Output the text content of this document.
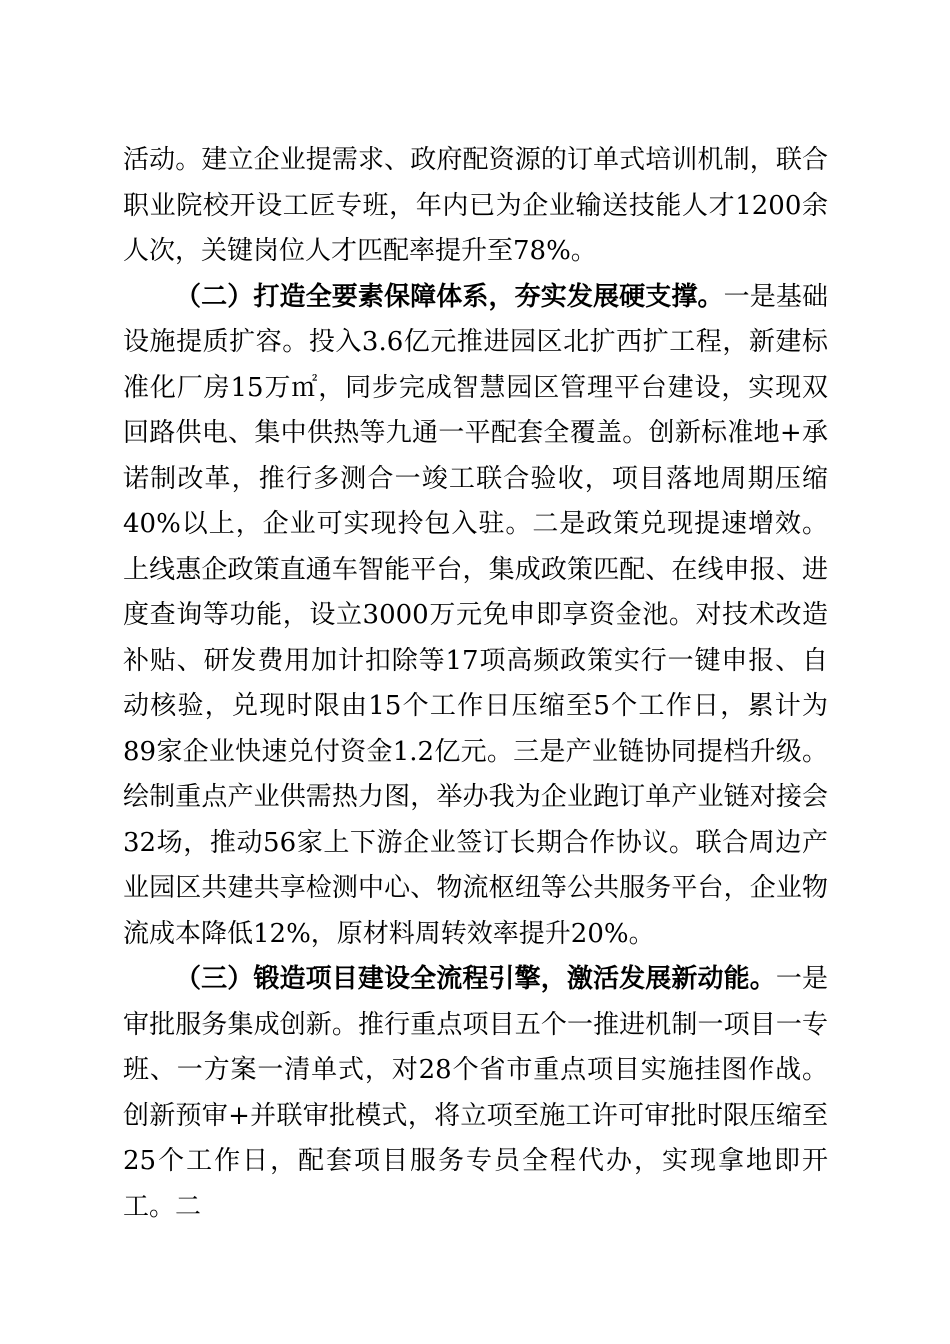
活动。建立企业提需求、政府配资源的订单式培训机制，联合职业院校开设工匠专班，年内已为企业输送技能人才1200余人次，关键岗位人才匹配率提升至78%。

（二）打造全要素保障体系，夯实发展硬支撑。一是基础设施提质扩容。投入3.6亿元推进园区北扩西扩工程，新建标准化厂房15万㎡，同步完成智慧园区管理平台建设，实现双回路供电、集中供热等九通一平配套全覆盖。创新标准地+承诺制改革，推行多测合一竣工联合验收，项目落地周期压缩40%以上，企业可实现拎包入驻。二是政策兑现提速增效。上线惠企政策直通车智能平台，集成政策匹配、在线申报、进度查询等功能，设立3000万元免申即享资金池。对技术改造补贴、研发费用加计扣除等17项高频政策实行一键申报、自动核验，兑现时限由15个工作日压缩至5个工作日，累计为89家企业快速兑付资金1.2亿元。三是产业链协同提档升级。绘制重点产业供需热力图，举办我为企业跑订单产业链对接会32场，推动56家上下游企业签订长期合作协议。联合周边产业园区共建共享检测中心、物流枢纽等公共服务平台，企业物流成本降低12%，原材料周转效率提升20%。

（三）锻造项目建设全流程引擎，激活发展新动能。一是审批服务集成创新。推行重点项目五个一推进机制一项目一专班、一方案一清单式，对28个省市重点项目实施挂图作战。创新预审+并联审批模式，将立项至施工许可审批时限压缩至25个工作日，配套项目服务专员全程代办，实现拿地即开工。二
